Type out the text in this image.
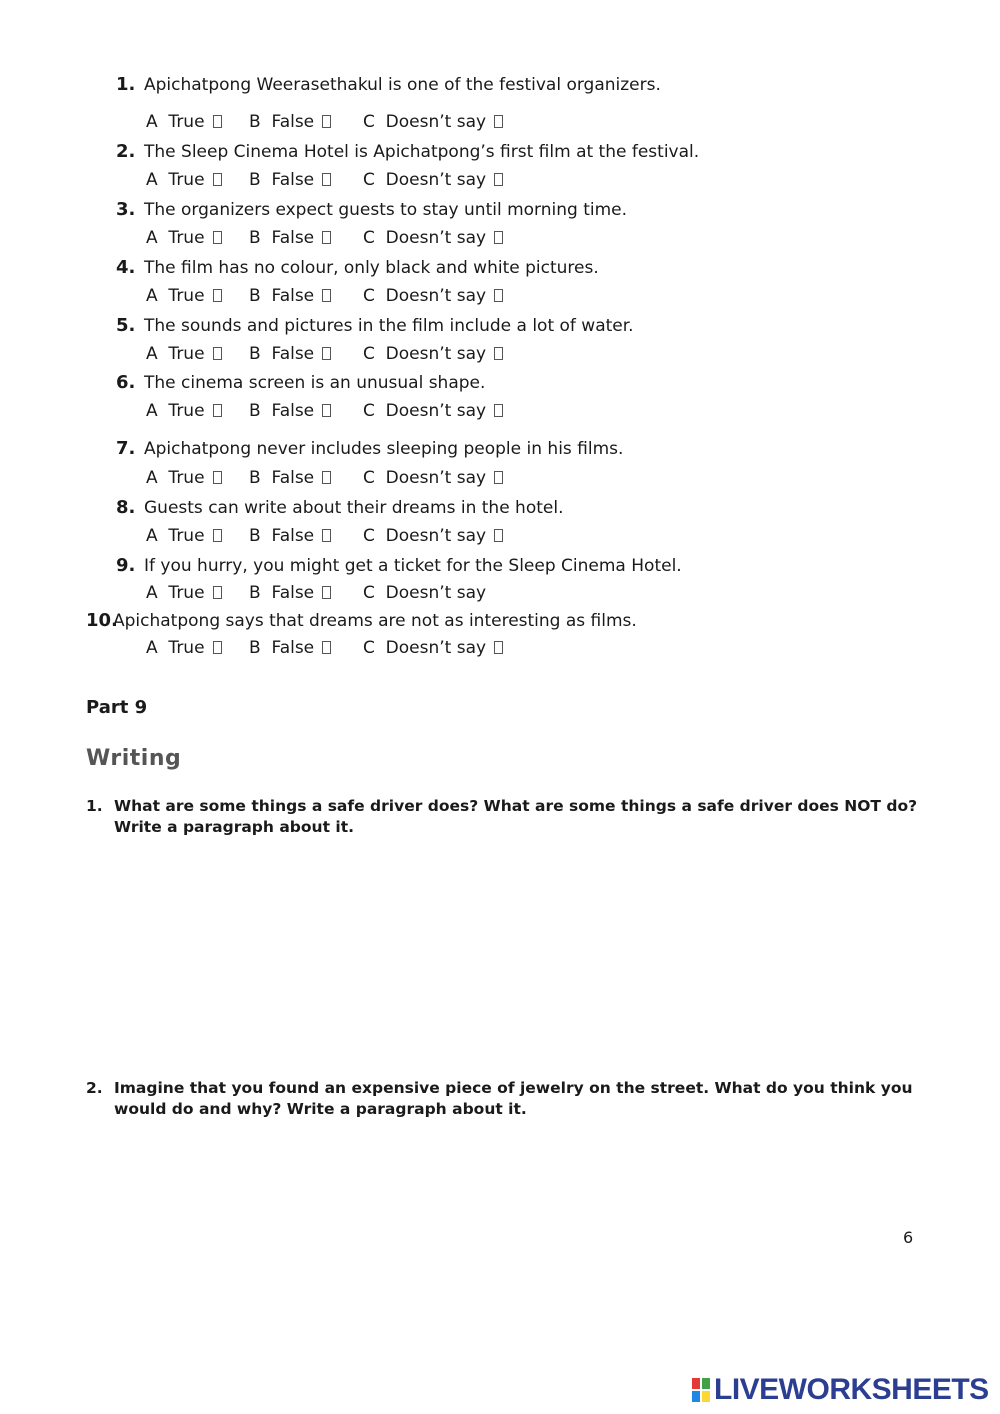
1. Apichatpong Weerasethakul is one of the festival organizers.
A  True	B  False	C  Doesn’t say
2. The Sleep Cinema Hotel is Apichatpong’s first film at the festival.
A  True	B  False	C  Doesn’t say
3. The organizers expect guests to stay until morning time.
A  True	B  False	C  Doesn’t say
4. The film has no colour, only black and white pictures.
A  True	B  False	C  Doesn’t say
5. The sounds and pictures in the film include a lot of water.
A  True	B  False	C  Doesn’t say
6. The cinema screen is an unusual shape.
A  True	B  False	C  Doesn’t say
7. Apichatpong never includes sleeping people in his films.
A  True	B  False	C  Doesn’t say
8. Guests can write about their dreams in the hotel.
A  True	B  False	C  Doesn’t say
9. If you hurry, you might get a ticket for the Sleep Cinema Hotel.
A  True	B  False	C  Doesn’t say
10.Apichatpong says that dreams are not as interesting as films.
A  True	B  False	C  Doesn’t say
Part 9
Writing
1. What are some things a safe driver does? What are some things a safe driver does NOT do? Write a paragraph about it.
2. Imagine that you found an expensive piece of jewelry on the street. What do you think you would do and why? Write a paragraph about it.
6
LIVEWORKSHEETS
